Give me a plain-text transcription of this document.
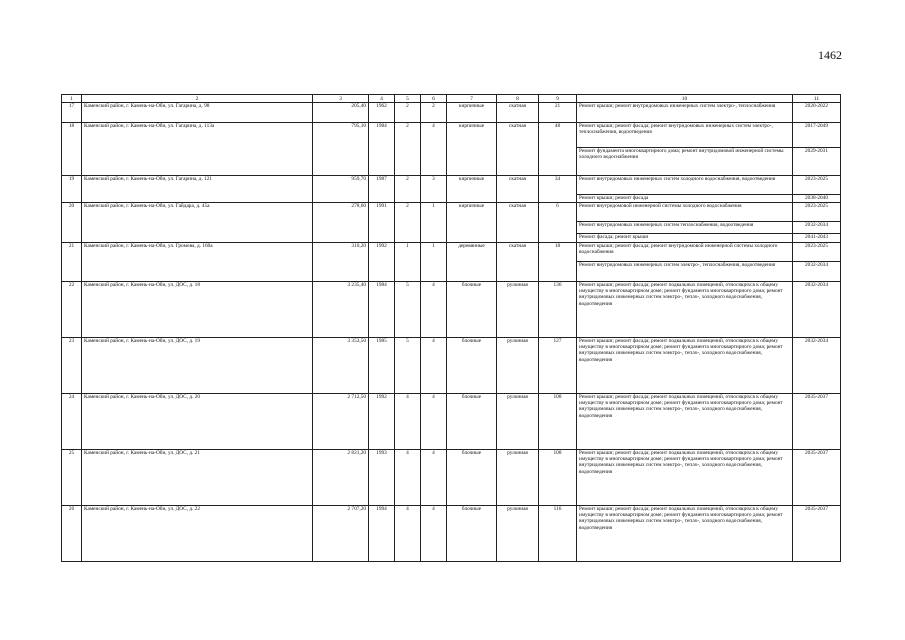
1462
1	2	3	4	5	6	7	8	9	10	11
17	Каменский район, г. Камень-на-Оби, ул. Гагарина, д. 98	205,40	1962	2	2	кирпичные	скатная	21	Ремонт крыши; ремонт внутридомовых инженерных систем электро-, теплоснабжения	2020-2022
18	Каменский район, г. Камень-на-Оби, ул. Гагарина, д. 113а	795,10	1984	2	4	кирпичные	скатная	48	Ремонт крыши; ремонт фасада; ремонт внутридомовых инженерных систем электро-, теплоснабжения, водоотведения	2017-2049
									Ремонт фундамента многоквартирного дома; ремонт внутридомовой инженерной системы холодного водоснабжения	2029-2031
19	Каменский район, г. Камень-на-Оби, ул. Гагарина, д. 121	959,70	1987	2	3	кирпичные	скатная	34	Ремонт внутридомовых инженерных систем холодного водоснабжения, водоотведения	2023-2025
									Ремонт крыши; ремонт фасада	2038-2040
20	Каменский район, г. Камень-на-Оби, ул. Гайдара, д. 45а	278,60	1991	2	1	кирпичные	скатная	6	Ремонт внутридомовой инженерной системы холодного водоснабжения	2023-2025
									Ремонт внутридомовых инженерных систем теплоснабжения, водоотведения	2032-2034
									Ремонт фасада; ремонт крыши	2041-2043
21	Каменский район, г. Камень-на-Оби, ул. Громова, д. 160а	310,20	1992	1	1	деревянные	скатная	18	Ремонт крыши; ремонт фасада; ремонт внутридомовой инженерной системы холодного водоснабжения	2023-2025
									Ремонт внутридомовых инженерных систем электро-, теплоснабжения, водоотведения	2032-2034
22	Каменский район, г. Камень-на-Оби, ул. ДОС, д. 18	3 235,40	1984	5	4	блочные	рулонная	136	Ремонт крыши; ремонт фасада; ремонт подвальных помещений, относящихся к общему имуществу в многоквартирном доме; ремонт фундамента многоквартирного дома; ремонт внутридомовых инженерных систем электро-, тепло-, холодного водоснабжения, водоотведения	2032-2034
23	Каменский район, г. Камень-на-Оби, ул. ДОС, д. 19	3 353,50	1985	5	4	блочные	рулонная	127	Ремонт крыши; ремонт фасада; ремонт подвальных помещений, относящихся к общему имуществу в многоквартирном доме; ремонт фундамента многоквартирного дома; ремонт внутридомовых инженерных систем электро-, тепло-, холодного водоснабжения, водоотведения	2032-2034
24	Каменский район, г. Камень-на-Оби, ул. ДОС, д. 20	2 712,50	1992	4	4	блочные	рулонная	108	Ремонт крыши; ремонт фасада; ремонт подвальных помещений, относящихся к общему имуществу в многоквартирном доме; ремонт фундамента многоквартирного дома; ремонт внутридомовых инженерных систем электро-, тепло-, холодного водоснабжения, водоотведения	2035-2037
25	Каменский район, г. Камень-на-Оби, ул. ДОС, д. 21	2 821,20	1993	4	4	блочные	рулонная	108	Ремонт крыши; ремонт фасада; ремонт подвальных помещений, относящихся к общему имуществу в многоквартирном доме; ремонт фундамента многоквартирного дома; ремонт внутридомовых инженерных систем электро-, тепло-, холодного водоснабжения, водоотведения	2035-2037
26	Каменский район, г. Камень-на-Оби, ул. ДОС, д. 22	2 707,20	1994	4	4	блочные	рулонная	116	Ремонт крыши; ремонт фасада; ремонт подвальных помещений, относящихся к общему имуществу в многоквартирном доме; ремонт фундамента многоквартирного дома; ремонт внутридомовых инженерных систем электро-, тепло-, холодного водоснабжения, водоотведения	2035-2037
